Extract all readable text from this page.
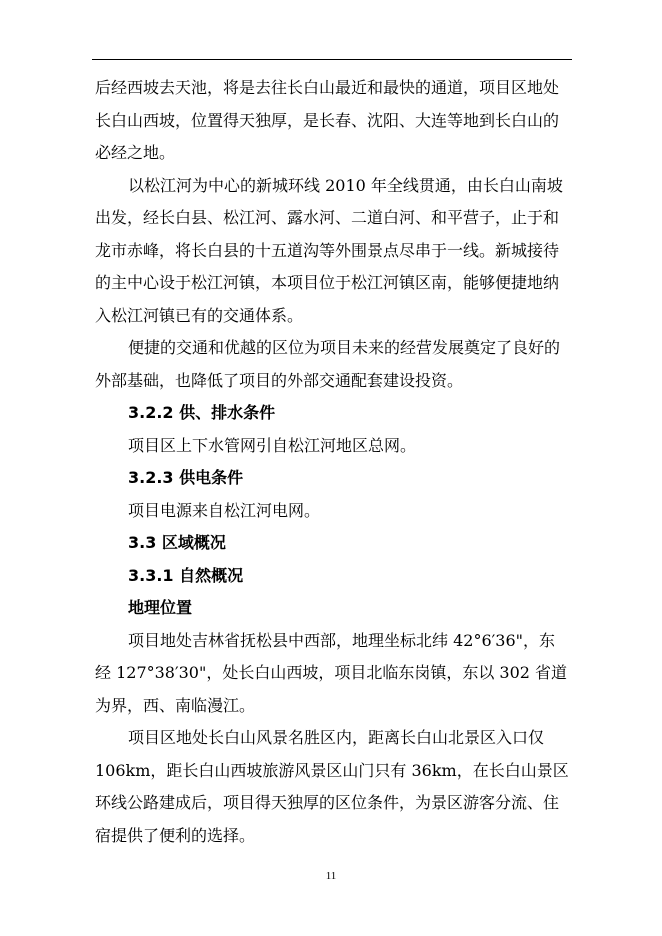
后经西坡去天池，将是去往长白山最近和最快的通道，项目区地处
长白山西坡，位置得天独厚，是长春、沈阳、大连等地到长白山的
必经之地。
以松江河为中心的新城环线 2010 年全线贯通，由长白山南坡
出发，经长白县、松江河、露水河、二道白河、和平营子，止于和
龙市赤峰，将长白县的十五道沟等外围景点尽串于一线。新城接待
的主中心设于松江河镇，本项目位于松江河镇区南，能够便捷地纳
入松江河镇已有的交通体系。
便捷的交通和优越的区位为项目未来的经营发展奠定了良好的
外部基础，也降低了项目的外部交通配套建设投资。
3.2.2 供、排水条件
项目区上下水管网引自松江河地区总网。
3.2.3 供电条件
项目电源来自松江河电网。
3.3 区域概况
3.3.1 自然概况
地理位置
项目地处吉林省抚松县中西部，地理坐标北纬 42°6′36"，东
经 127°38′30"，处长白山西坡，项目北临东岗镇，东以 302 省道
为界，西、南临漫江。
项目区地处长白山风景名胜区内，距离长白山北景区入口仅
106km，距长白山西坡旅游风景区山门只有 36km，在长白山景区
环线公路建成后，项目得天独厚的区位条件，为景区游客分流、住
宿提供了便利的选择。
11
